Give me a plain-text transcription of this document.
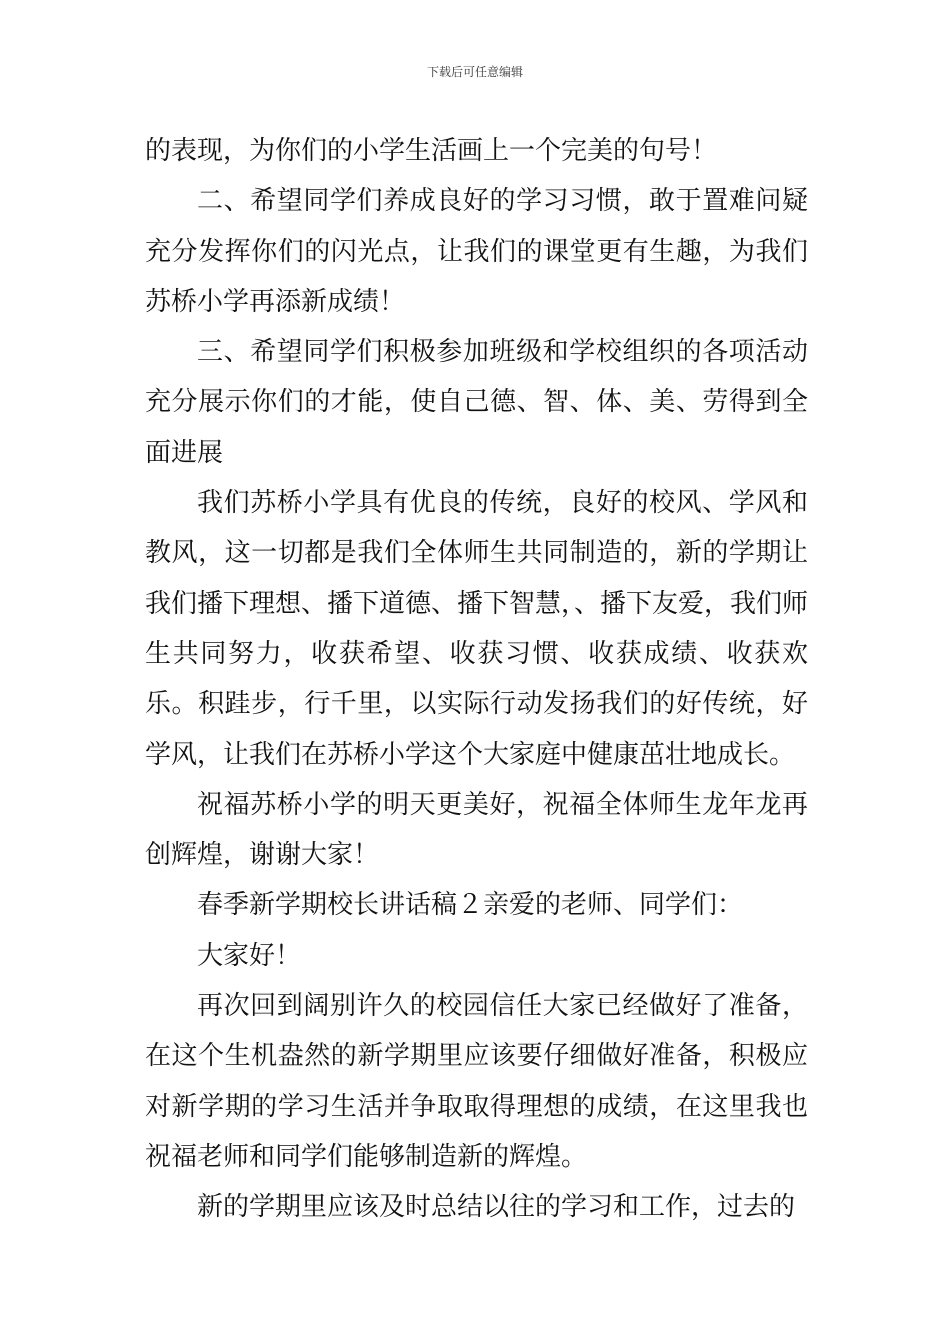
下载后可任意编辑

的表现，为你们的小学生活画上一个完美的句号！

二、希望同学们养成良好的学习习惯，敢于置难问疑充分发挥你们的闪光点，让我们的课堂更有生趣，为我们苏桥小学再添新成绩！

三、希望同学们积极参加班级和学校组织的各项活动充分展示你们的才能，使自己德、智、体、美、劳得到全面进展

我们苏桥小学具有优良的传统，良好的校风、学风和教风，这一切都是我们全体师生共同制造的，新的学期让我们播下理想、播下道德、播下智慧，、播下友爱，我们师生共同努力，收获希望、收获习惯、收获成绩、收获欢乐。积跬步，行千里，以实际行动发扬我们的好传统，好学风，让我们在苏桥小学这个大家庭中健康茁壮地成长。

祝福苏桥小学的明天更美好，祝福全体师生龙年龙再创辉煌，谢谢大家！

春季新学期校长讲话稿２亲爱的老师、同学们：

大家好！

再次回到阔别许久的校园信任大家已经做好了准备，在这个生机盎然的新学期里应该要仔细做好准备，积极应对新学期的学习生活并争取取得理想的成绩，在这里我也祝福老师和同学们能够制造新的辉煌。

新的学期里应该及时总结以往的学习和工作，过去的
